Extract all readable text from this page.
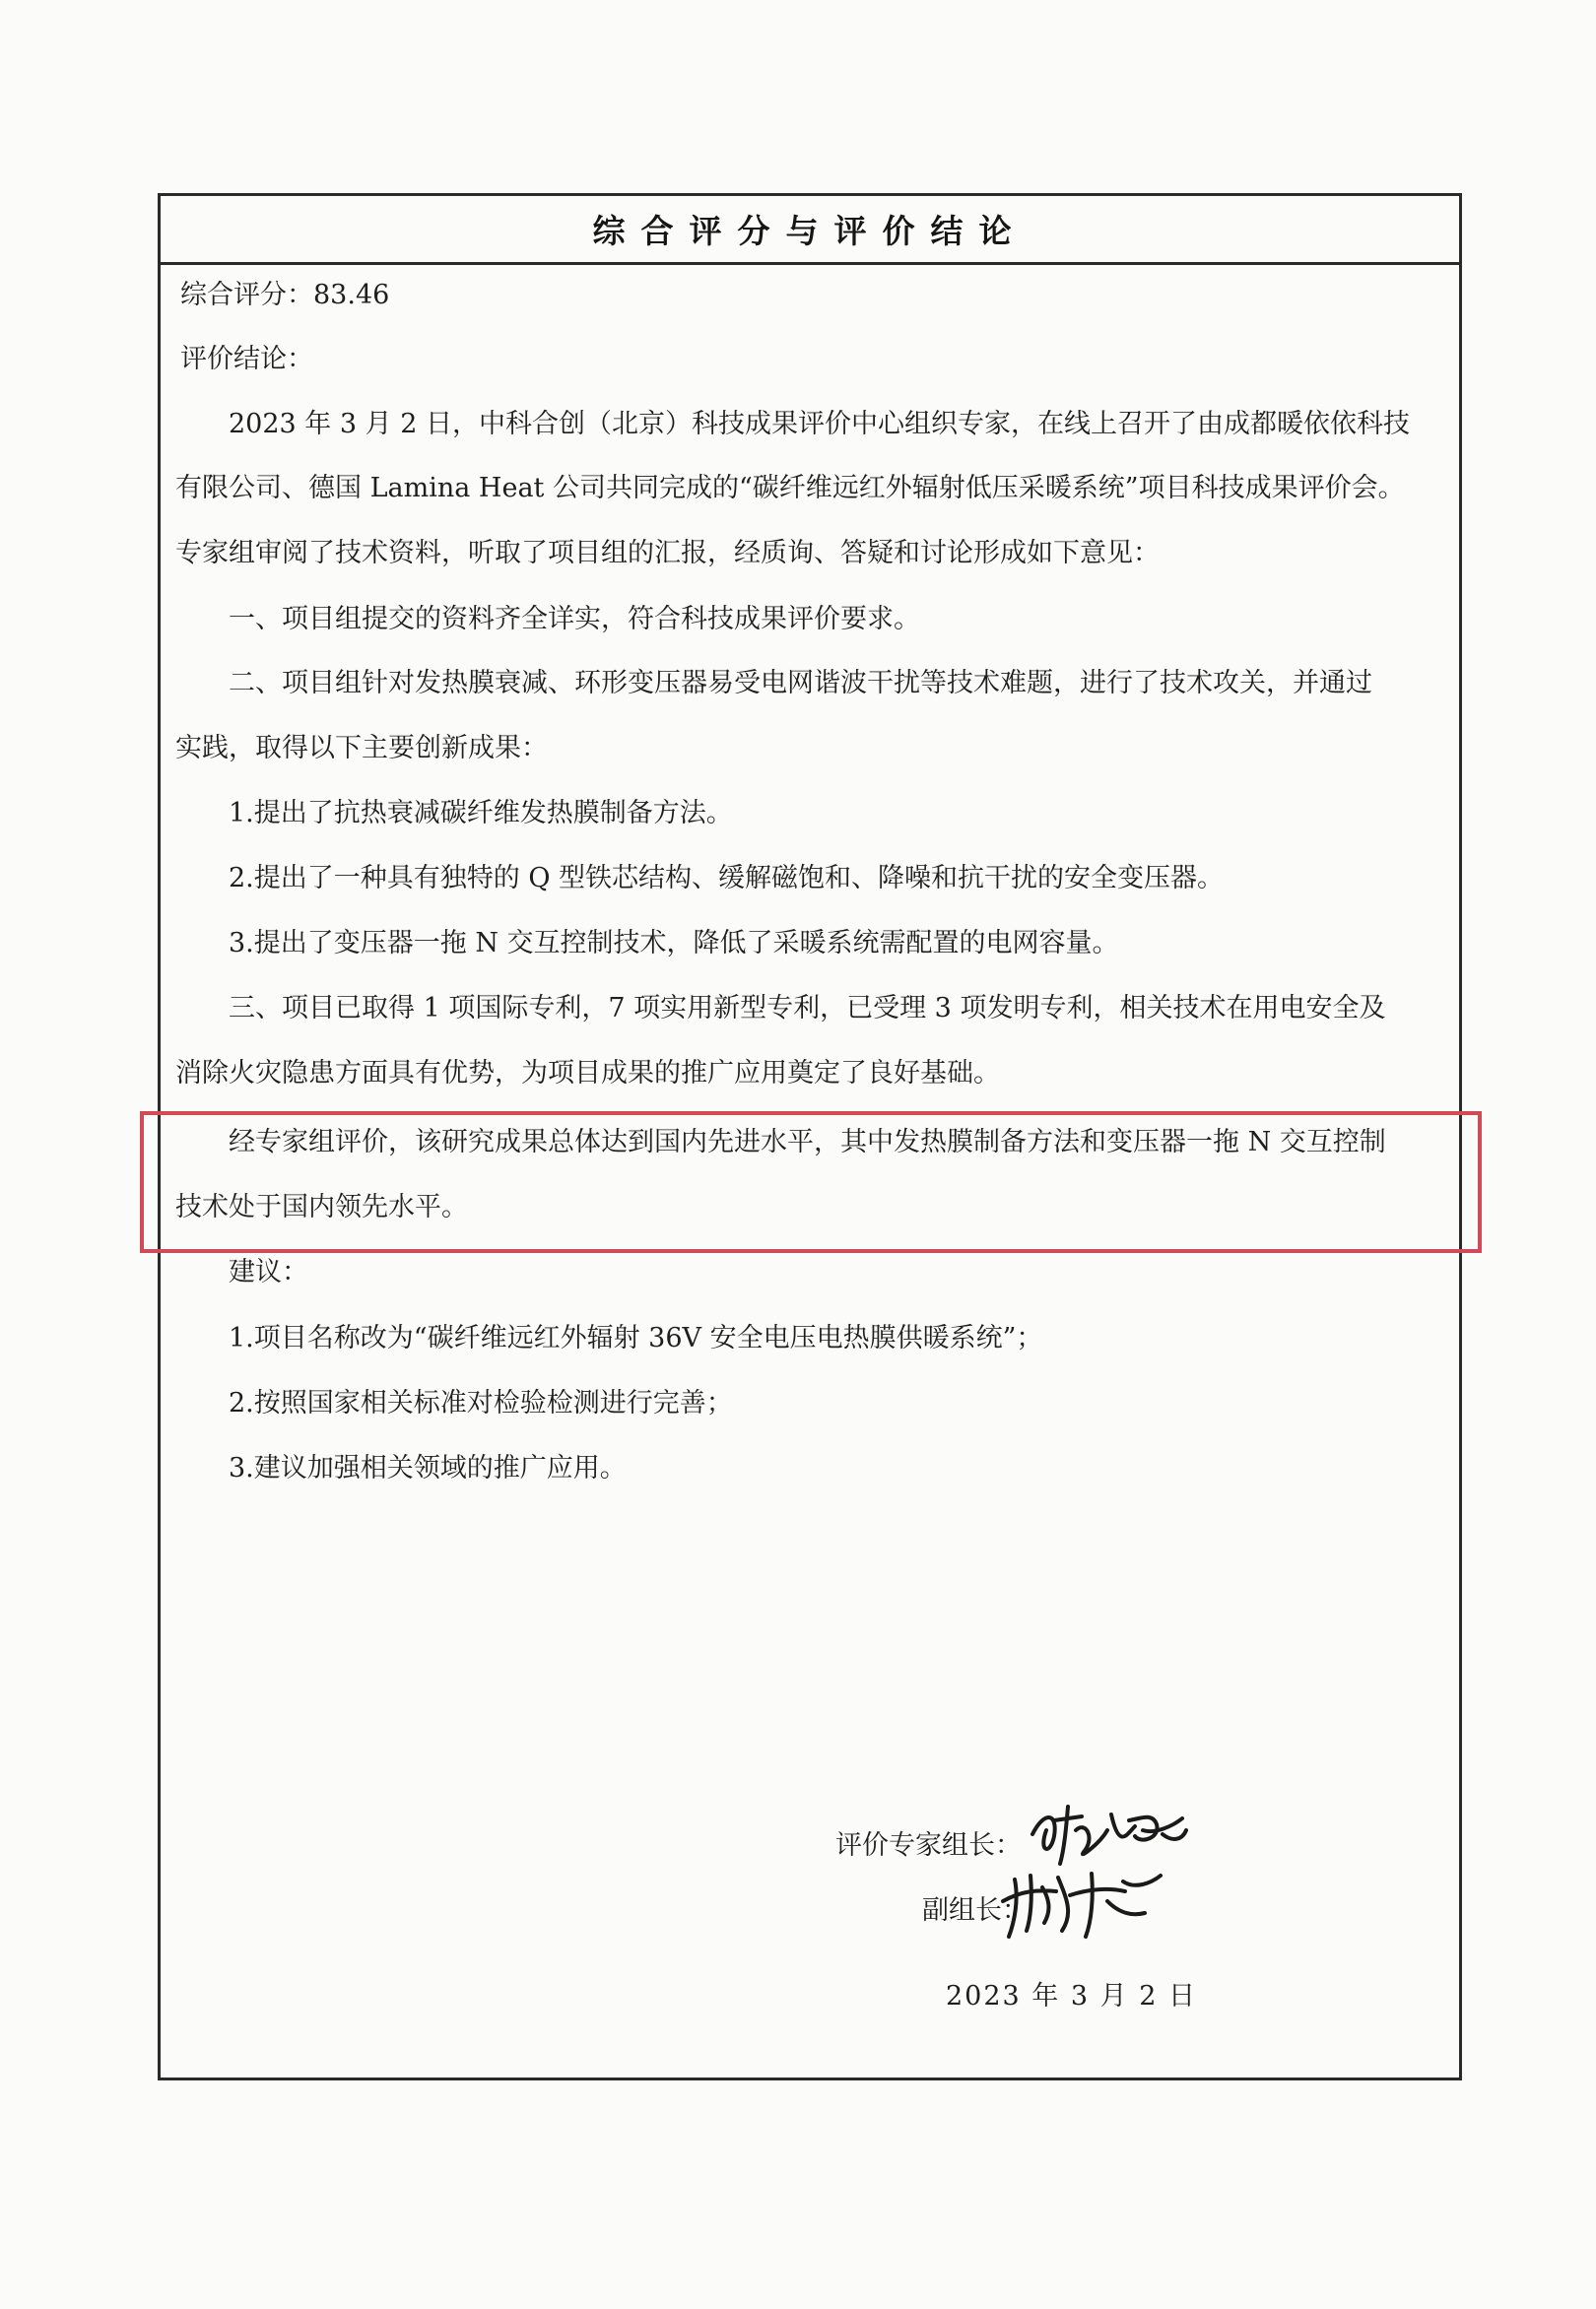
综合评分与评价结论
综合评分：83.46
评价结论：
2023 年 3 月 2 日，中科合创（北京）科技成果评价中心组织专家，在线上召开了由成都暖依依科技
有限公司、德国 Lamina Heat 公司共同完成的“碳纤维远红外辐射低压采暖系统”项目科技成果评价会。
专家组审阅了技术资料，听取了项目组的汇报，经质询、答疑和讨论形成如下意见：
一、项目组提交的资料齐全详实，符合科技成果评价要求。
二、项目组针对发热膜衰减、环形变压器易受电网谐波干扰等技术难题，进行了技术攻关，并通过
实践，取得以下主要创新成果：
1.提出了抗热衰减碳纤维发热膜制备方法。
2.提出了一种具有独特的 Q 型铁芯结构、缓解磁饱和、降噪和抗干扰的安全变压器。
3.提出了变压器一拖 N 交互控制技术，降低了采暖系统需配置的电网容量。
三、项目已取得 1 项国际专利，7 项实用新型专利，已受理 3 项发明专利，相关技术在用电安全及
消除火灾隐患方面具有优势，为项目成果的推广应用奠定了良好基础。
经专家组评价，该研究成果总体达到国内先进水平，其中发热膜制备方法和变压器一拖 N 交互控制
技术处于国内领先水平。
建议：
1.项目名称改为“碳纤维远红外辐射 36V 安全电压电热膜供暖系统”；
2.按照国家相关标准对检验检测进行完善；
3.建议加强相关领域的推广应用。
评价专家组长：
副组长：
2023 年 3 月 2 日
